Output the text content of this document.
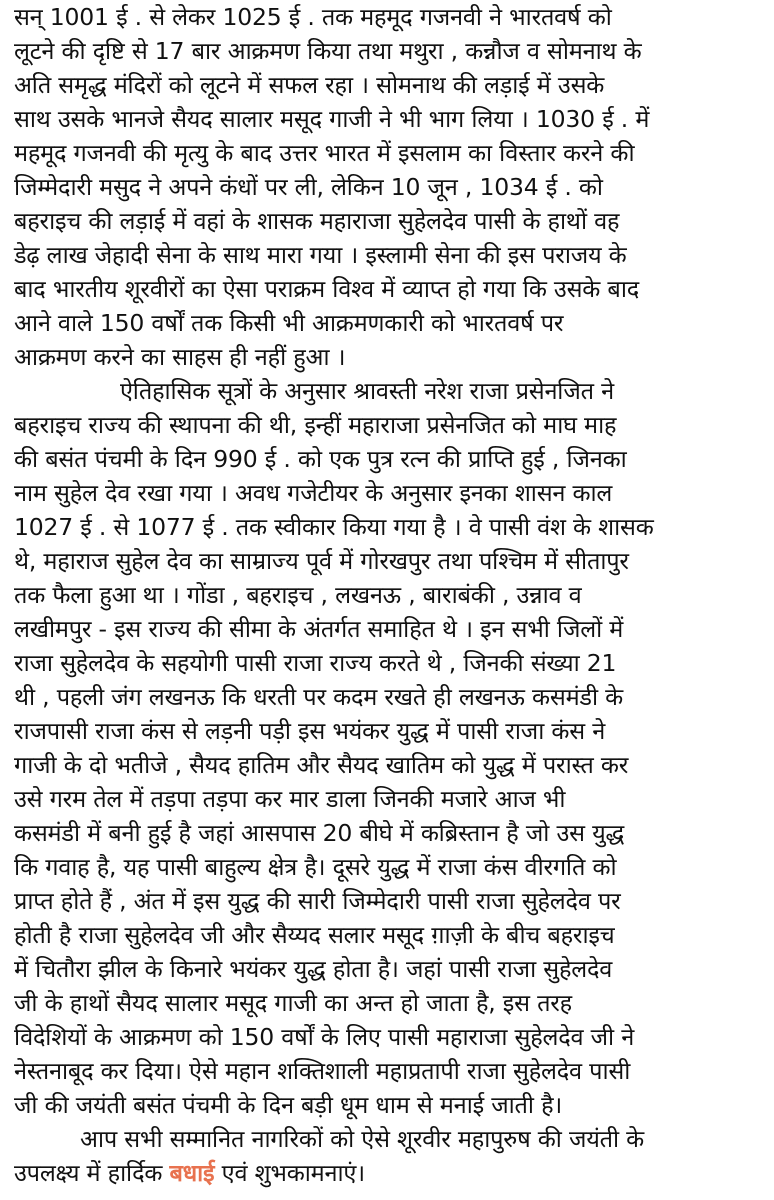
सन् 1001 ई . से लेकर 1025 ई . तक महमूद गजनवी ने भारतवर्ष को
लूटने की दृष्टि से 17 बार आक्रमण किया तथा मथुरा , कन्नौज व सोमनाथ के
अति समृद्ध मंदिरों को लूटने में सफल रहा । सोमनाथ की लड़ाई में उसके
साथ उसके भानजे सैयद सालार मसूद गाजी ने भी भाग लिया । 1030 ई . में
महमूद गजनवी की मृत्यु के बाद उत्तर भारत में इसलाम का विस्तार करने की
जिम्मेदारी मसुद ने अपने कंधों पर ली, लेकिन 10 जून , 1034 ई . को
बहराइच की लड़ाई में वहां के शासक महाराजा सुहेलदेव पासी के हाथों वह
डेढ़ लाख जेहादी सेना के साथ मारा गया । इस्लामी सेना की इस पराजय के
बाद भारतीय शूरवीरों का ऐसा पराक्रम विश्व में व्याप्त हो गया कि उसके बाद
आने वाले 150 वर्षों तक किसी भी आक्रमणकारी को भारतवर्ष पर
आक्रमण करने का साहस ही नहीं हुआ ।
ऐतिहासिक सूत्रों के अनुसार श्रावस्ती नरेश राजा प्रसेनजित ने
बहराइच राज्य की स्थापना की थी, इन्हीं महाराजा प्रसेनजित को माघ माह
की बसंत पंचमी के दिन 990 ई . को एक पुत्र रत्न की प्राप्ति हुई , जिनका
नाम सुहेल देव रखा गया । अवध गजेटीयर के अनुसार इनका शासन काल
1027 ई . से 1077 ई . तक स्वीकार किया गया है । वे पासी वंश के शासक
थे, महाराज सुहेल देव का साम्राज्य पूर्व में गोरखपुर तथा पश्चिम में सीतापुर
तक फैला हुआ था । गोंडा , बहराइच , लखनऊ , बाराबंकी , उन्नाव व
लखीमपुर - इस राज्य की सीमा के अंतर्गत समाहित थे । इन सभी जिलों में
राजा सुहेलदेव के सहयोगी पासी राजा राज्य करते थे , जिनकी संख्या 21
थी , पहली जंग लखनऊ कि धरती पर कदम रखते ही लखनऊ कसमंडी के
राजपासी राजा कंस से लड़नी पड़ी इस भयंकर युद्ध में पासी राजा कंस ने
गाजी के दो भतीजे , सैयद हातिम और सैयद खातिम को युद्ध में परास्त कर
उसे गरम तेल में तड़पा तड़पा कर मार डाला जिनकी मजारे आज भी
कसमंडी में बनी हुई है जहां आसपास 20 बीघे में कब्रिस्तान है जो उस युद्ध
कि गवाह है, यह पासी बाहुल्य क्षेत्र है। दूसरे युद्ध में राजा कंस वीरगति को
प्राप्त होते हैं , अंत में इस युद्ध की सारी जिम्मेदारी पासी राजा सुहेलदेव पर
होती है राजा सुहेलदेव जी और सैय्यद सलार मसूद ग़ाज़ी के बीच बहराइच
में चितौरा झील के किनारे भयंकर युद्ध होता है। जहां पासी राजा सुहेलदेव
जी के हाथों सैयद सालार मसूद गाजी का अन्त हो जाता है, इस तरह
विदेशियों के आक्रमण को 150 वर्षों के लिए पासी महाराजा सुहेलदेव जी ने
नेस्तनाबूद कर दिया। ऐसे महान शक्तिशाली महाप्रतापी राजा सुहेलदेव पासी
जी की जयंती बसंत पंचमी के दिन बड़ी धूम धाम से मनाई जाती है।
आप सभी सम्मानित नागरिकों को ऐसे शूरवीर महापुरुष की जयंती के
उपलक्ष्य में हार्दिक बधाई एवं शुभकामनाएं।
